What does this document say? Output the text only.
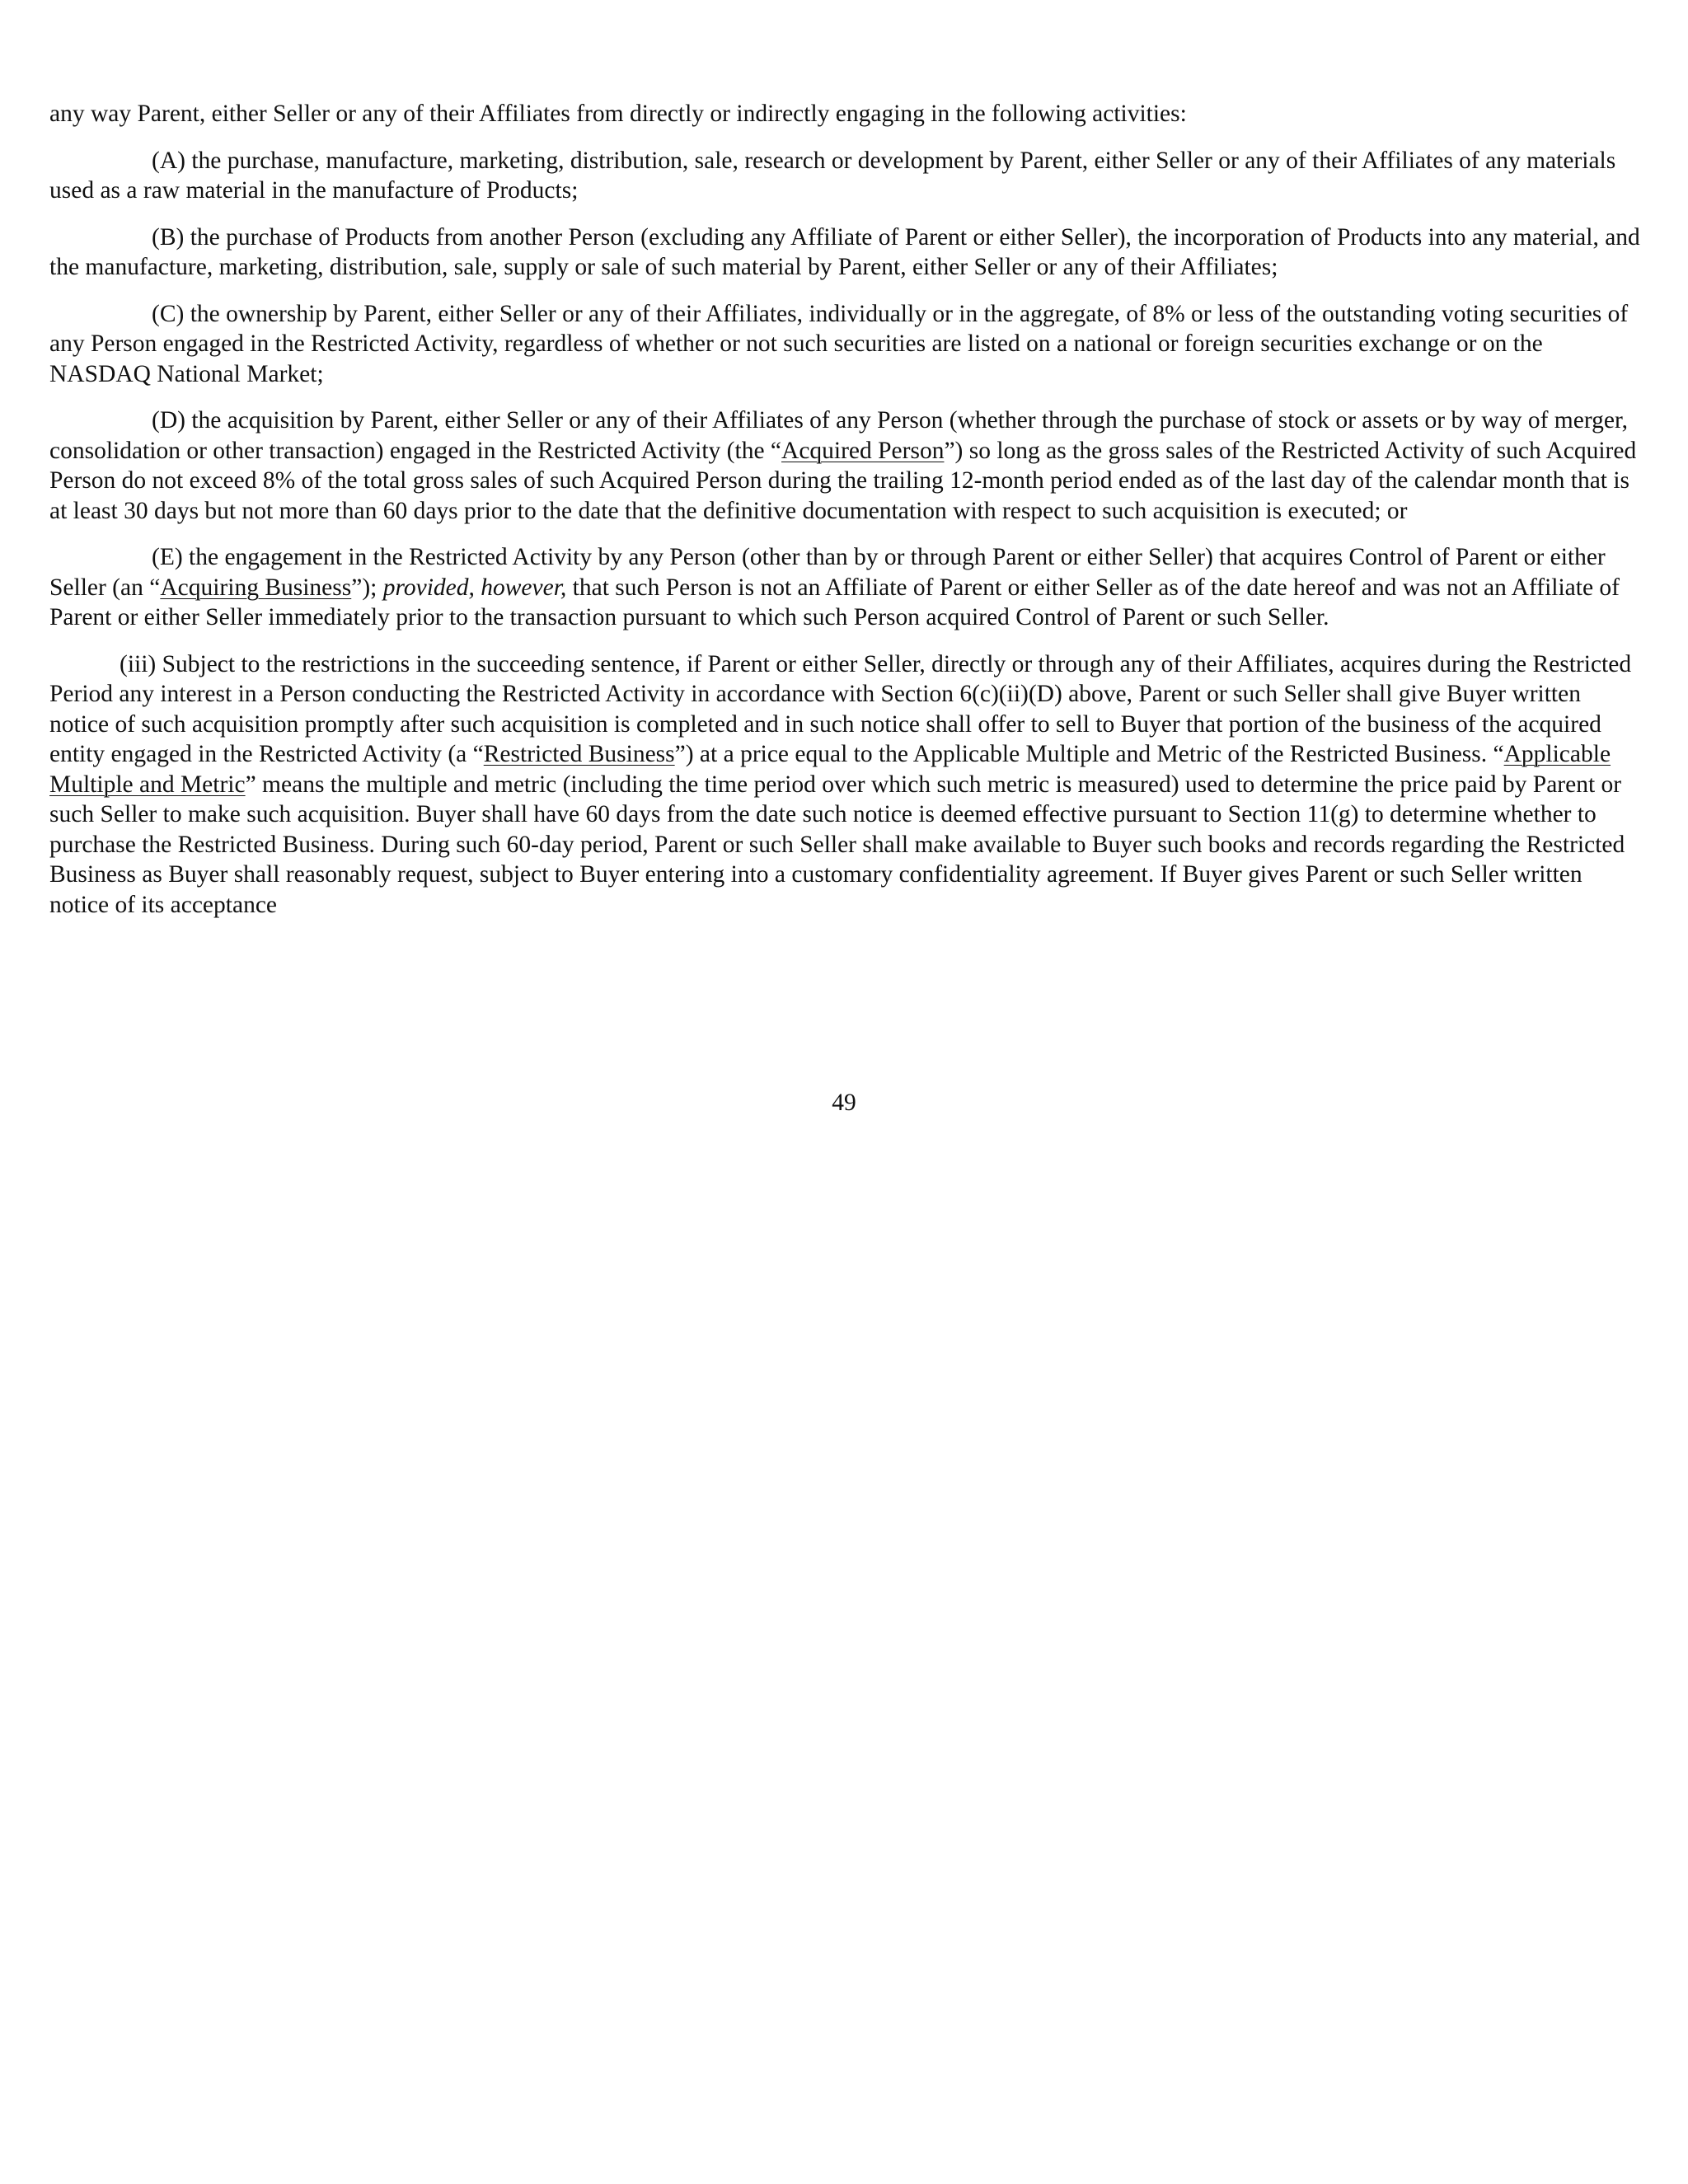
any way Parent, either Seller or any of their Affiliates from directly or indirectly engaging in the following activities:

(A) the purchase, manufacture, marketing, distribution, sale, research or development by Parent, either Seller or any of their Affiliates of any materials used as a raw material in the manufacture of Products;

(B) the purchase of Products from another Person (excluding any Affiliate of Parent or either Seller), the incorporation of Products into any material, and the manufacture, marketing, distribution, sale, supply or sale of such material by Parent, either Seller or any of their Affiliates;

(C) the ownership by Parent, either Seller or any of their Affiliates, individually or in the aggregate, of 8% or less of the outstanding voting securities of any Person engaged in the Restricted Activity, regardless of whether or not such securities are listed on a national or foreign securities exchange or on the NASDAQ National Market;

(D) the acquisition by Parent, either Seller or any of their Affiliates of any Person (whether through the purchase of stock or assets or by way of merger, consolidation or other transaction) engaged in the Restricted Activity (the “Acquired Person”) so long as the gross sales of the Restricted Activity of such Acquired Person do not exceed 8% of the total gross sales of such Acquired Person during the trailing 12-month period ended as of the last day of the calendar month that is at least 30 days but not more than 60 days prior to the date that the definitive documentation with respect to such acquisition is executed; or

(E) the engagement in the Restricted Activity by any Person (other than by or through Parent or either Seller) that acquires Control of Parent or either Seller (an “Acquiring Business”); provided, however, that such Person is not an Affiliate of Parent or either Seller as of the date hereof and was not an Affiliate of Parent or either Seller immediately prior to the transaction pursuant to which such Person acquired Control of Parent or such Seller.

(iii) Subject to the restrictions in the succeeding sentence, if Parent or either Seller, directly or through any of their Affiliates, acquires during the Restricted Period any interest in a Person conducting the Restricted Activity in accordance with Section 6(c)(ii)(D) above, Parent or such Seller shall give Buyer written notice of such acquisition promptly after such acquisition is completed and in such notice shall offer to sell to Buyer that portion of the business of the acquired entity engaged in the Restricted Activity (a “Restricted Business”) at a price equal to the Applicable Multiple and Metric of the Restricted Business. “Applicable Multiple and Metric” means the multiple and metric (including the time period over which such metric is measured) used to determine the price paid by Parent or such Seller to make such acquisition. Buyer shall have 60 days from the date such notice is deemed effective pursuant to Section 11(g) to determine whether to purchase the Restricted Business. During such 60-day period, Parent or such Seller shall make available to Buyer such books and records regarding the Restricted Business as Buyer shall reasonably request, subject to Buyer entering into a customary confidentiality agreement. If Buyer gives Parent or such Seller written notice of its acceptance

49
